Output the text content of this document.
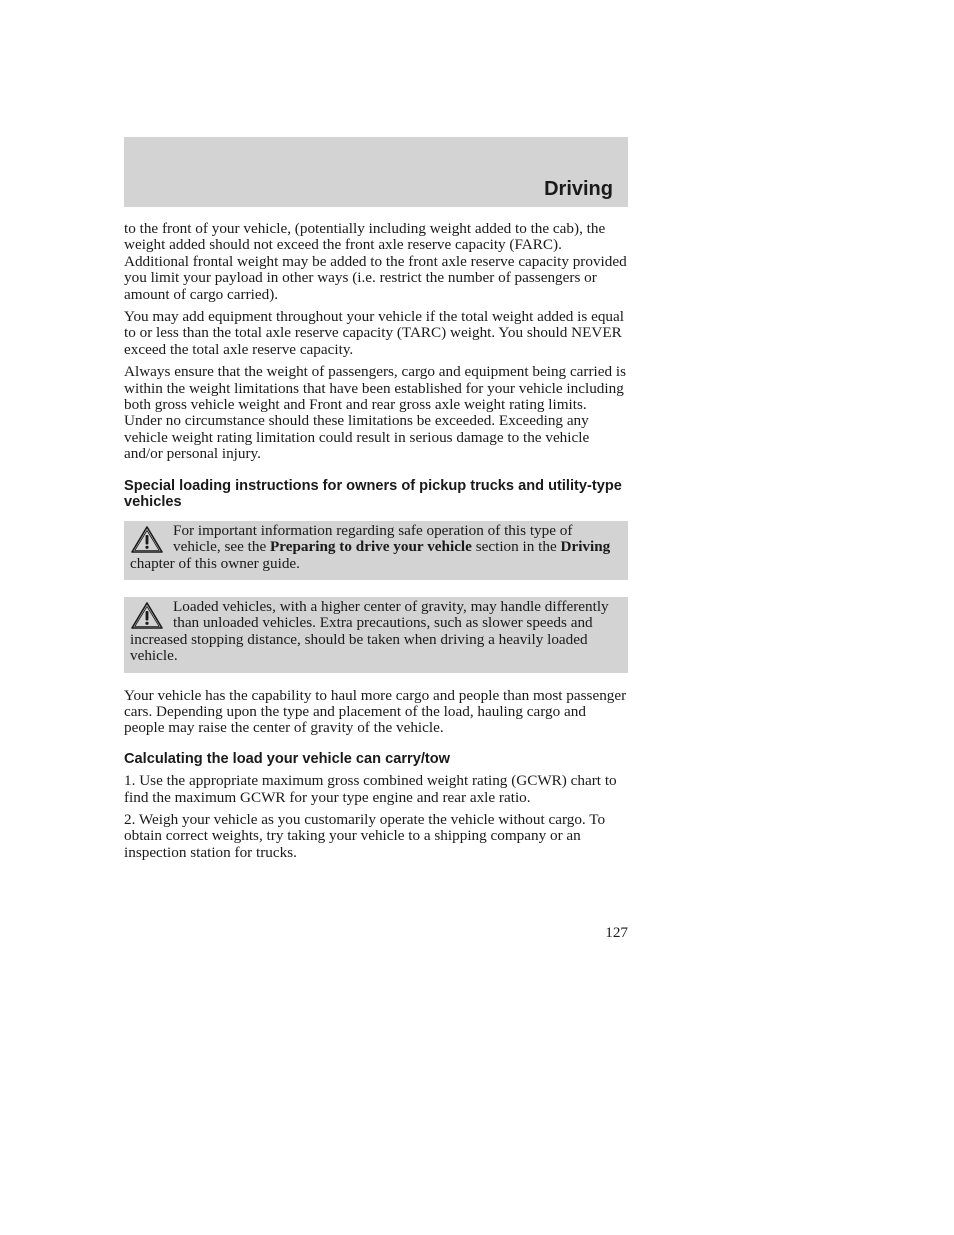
Driving

to the front of your vehicle, (potentially including weight added to the cab), the weight added should not exceed the front axle reserve capacity (FARC). Additional frontal weight may be added to the front axle reserve capacity provided you limit your payload in other ways (i.e. restrict the number of passengers or amount of cargo carried).

You may add equipment throughout your vehicle if the total weight added is equal to or less than the total axle reserve capacity (TARC) weight. You should NEVER exceed the total axle reserve capacity.

Always ensure that the weight of passengers, cargo and equipment being carried is within the weight limitations that have been established for your vehicle including both gross vehicle weight and Front and rear gross axle weight rating limits. Under no circumstance should these limitations be exceeded. Exceeding any vehicle weight rating limitation could result in serious damage to the vehicle and/or personal injury.

Special loading instructions for owners of pickup trucks and utility-type vehicles
For important information regarding safe operation of this type of vehicle, see the Preparing to drive your vehicle section in the Driving chapter of this owner guide.
Loaded vehicles, with a higher center of gravity, may handle differently than unloaded vehicles. Extra precautions, such as slower speeds and increased stopping distance, should be taken when driving a heavily loaded vehicle.

Your vehicle has the capability to haul more cargo and people than most passenger cars. Depending upon the type and placement of the load, hauling cargo and people may raise the center of gravity of the vehicle.

Calculating the load your vehicle can carry/tow

1. Use the appropriate maximum gross combined weight rating (GCWR) chart to find the maximum GCWR for your type engine and rear axle ratio.

2. Weigh your vehicle as you customarily operate the vehicle without cargo. To obtain correct weights, try taking your vehicle to a shipping company or an inspection station for trucks.

127
